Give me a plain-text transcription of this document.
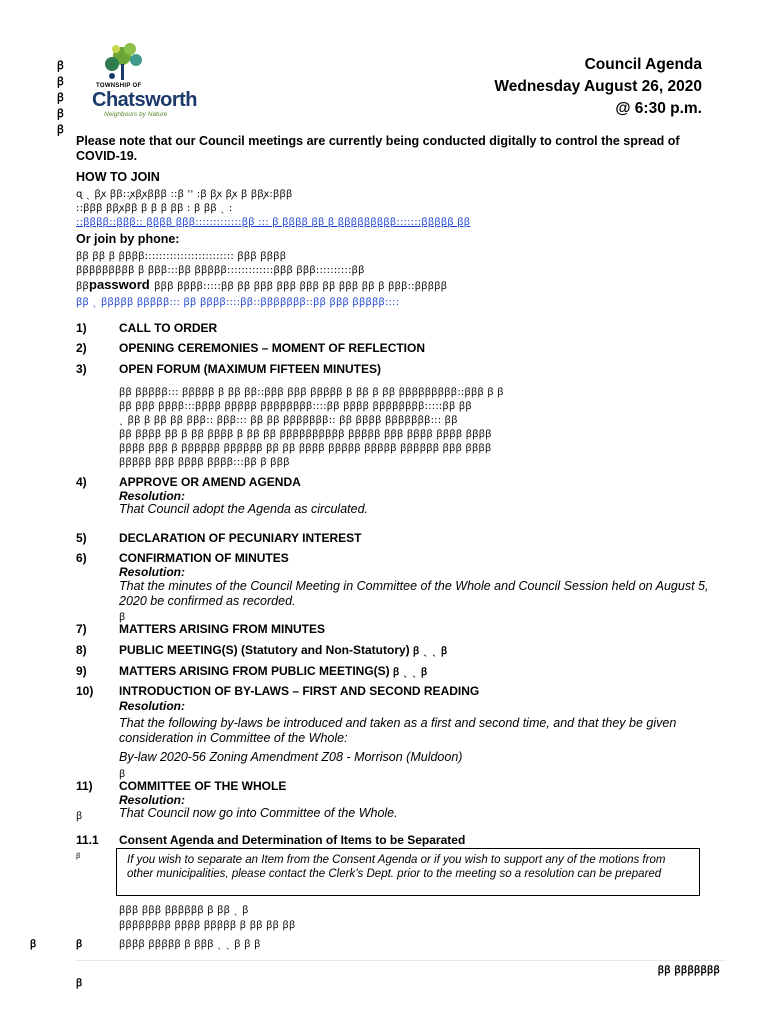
TOWNSHIP OF
Chatsworth
Neighbours by Nature
ꞵ
ꞵ
ꞵ
ꞵ
ꞵ
Council Agenda
Wednesday August 26, 2020
@ 6:30 p.m.
Please note that our Council meetings are currently being conducted digitally to control the spread of COVID-19.
HOW TO JOIN
ɋ ˎ ꞵꭗ ꞵꞵ꞉꞉ꭗꞵꭗꞵꞵꞵ ꞉꞉ꞵ ꞌꞌ ꞉ꞵ ꞵꭗ ꞵꭗ ꞵ ꞵꞵꭗ꞉ꞵꞵꞵ
꞉꞉ꞵꞵꞵ ꞵꞵꭗꞵꞵ ꞵ ꞵ ꞵ ꞵꞵ ꞉ ꞵ ꞵꞵ ˎ ꞉
꞉꞉ꞵꞵꞵꞵ꞉꞉ꞵꞵꞵ꞉꞉ ꞵꞵꞵꞵ ꞵꞵꞵ꞉꞉꞉꞉꞉꞉꞉꞉꞉꞉꞉꞉꞉ꞵꞵ ꞉꞉꞉ ꞵ ꞵꞵꞵꞵ ꞵꞵ ꞵ ꞵꞵꞵꞵꞵꞵꞵꞵꞵ꞉꞉꞉꞉꞉꞉꞉ꞵꞵꞵꞵꞵ ꞵꞵ
Or join by phone:
ꞵꞵ ꞵꞵ ꞵ ꞵꞵꞵꞵ꞉꞉꞉꞉꞉꞉꞉꞉꞉꞉꞉꞉꞉꞉꞉꞉꞉꞉꞉꞉꞉꞉꞉꞉꞉ ꞵꞵꞵ ꞵꞵꞵꞵ
ꞵꞵꞵꞵꞵꞵꞵꞵꞵ ꞵ ꞵꞵꞵ꞉꞉꞉ꞵꞵ ꞵꞵꞵꞵꞵ꞉꞉꞉꞉꞉꞉꞉꞉꞉꞉꞉꞉꞉ꞵꞵꞵ ꞵꞵꞵ꞉꞉꞉꞉꞉꞉꞉꞉꞉꞉ꞵꞵ
ꞵꞵpassword ꞵꞵꞵ ꞵꞵꞵꞵ꞉꞉꞉꞉꞉ꞵꞵ ꞵꞵ ꞵꞵꞵ ꞵꞵꞵ ꞵꞵꞵ ꞵꞵ ꞵꞵꞵ ꞵꞵ ꞵ ꞵꞵꞵ꞉꞉ꞵꞵꞵꞵꞵ
ꞵꞵ ˎ ꞵꞵꞵꞵꞵ ꞵꞵꞵꞵꞵ꞉꞉꞉ ꞵꞵ ꞵꞵꞵꞵ꞉꞉꞉꞉ꞵꞵ꞉꞉ꞵꞵꞵꞵꞵꞵꞵ꞉꞉ꞵꞵ ꞵꞵꞵ ꞵꞵꞵꞵꞵ꞉꞉꞉꞉
1)	CALL TO ORDER
2)	OPENING CEREMONIES – MOMENT OF REFLECTION
3)	OPEN FORUM (MAXIMUM FIFTEEN MINUTES)
ꞵꞵ ꞵꞵꞵꞵꞵ꞉꞉꞉ ꞵꞵꞵꞵꞵ ꞵ ꞵꞵ ꞵꞵ꞉꞉ꞵꞵꞵ ꞵꞵꞵ ꞵꞵꞵꞵꞵ ꞵ ꞵꞵ ꞵ ꞵꞵ ꞵꞵꞵꞵꞵꞵꞵꞵꞵ꞉꞉ꞵꞵꞵ ꞵ ꞵ
ꞵꞵ ꞵꞵꞵ ꞵꞵꞵꞵ꞉꞉꞉ꞵꞵꞵꞵ ꞵꞵꞵꞵꞵ ꞵꞵꞵꞵꞵꞵꞵꞵ꞉꞉꞉꞉ꞵꞵ ꞵꞵꞵꞵ ꞵꞵꞵꞵꞵꞵꞵꞵ꞉꞉꞉꞉꞉ꞵꞵ ꞵꞵ
ˎ ꞵꞵ ꞵ ꞵꞵ ꞵꞵ ꞵꞵꞵ꞉꞉ ꞵꞵꞵ꞉꞉꞉ ꞵꞵ ꞵꞵ ꞵꞵꞵꞵꞵꞵꞵ꞉꞉ ꞵꞵ ꞵꞵꞵꞵ ꞵꞵꞵꞵꞵꞵꞵ꞉꞉꞉ ꞵꞵ
ꞵꞵ ꞵꞵꞵꞵ ꞵꞵ ꞵ ꞵꞵ ꞵꞵꞵꞵ ꞵ ꞵꞵ ꞵꞵ ꞵꞵꞵꞵꞵꞵꞵꞵꞵꞵ ꞵꞵꞵꞵꞵ ꞵꞵꞵ ꞵꞵꞵꞵ ꞵꞵꞵꞵ ꞵꞵꞵꞵ
ꞵꞵꞵꞵ ꞵꞵꞵ ꞵ ꞵꞵꞵꞵꞵꞵ ꞵꞵꞵꞵꞵꞵ ꞵꞵ ꞵꞵ ꞵꞵꞵꞵ ꞵꞵꞵꞵꞵ ꞵꞵꞵꞵꞵ ꞵꞵꞵꞵꞵꞵ ꞵꞵꞵ ꞵꞵꞵꞵ
ꞵꞵꞵꞵꞵ ꞵꞵꞵ ꞵꞵꞵꞵ ꞵꞵꞵꞵ꞉꞉꞉ꞵꞵ ꞵ ꞵꞵꞵ
4)	APPROVE OR AMEND AGENDA
Resolution:
That Council adopt the Agenda as circulated.
5)	DECLARATION OF PECUNIARY INTEREST
6)	CONFIRMATION OF MINUTES
Resolution:
That the minutes of the Council Meeting in Committee of the Whole and Council Session held on August 5, 2020 be confirmed as recorded.
ꞵ
7)	MATTERS ARISING FROM MINUTES
8)	PUBLIC MEETING(S) (Statutory and Non-Statutory) ꞵ ˎ ˎ ꞵ
9)	MATTERS ARISING FROM PUBLIC MEETING(S) ꞵ ˎ ˎ ꞵ
10) INTRODUCTION OF BY-LAWS – FIRST AND SECOND READING
Resolution:
That the following by-laws be introduced and taken as a first and second time, and that they be given consideration in Committee of the Whole:
By-law 2020-56 Zoning Amendment Z08 - Morrison (Muldoon)
ꞵ
11) COMMITTEE OF THE WHOLE
Resolution:
That Council now go into Committee of the Whole.
ꞵ
11.1 Consent Agenda and Determination of Items to be Separated
ꞵ	If you wish to separate an Item from the Consent Agenda or if you wish to support any of the motions from other municipalities, please contact the Clerk’s Dept. prior to the meeting so a resolution can be prepared

ꞵꞵꞵ ꞵꞵꞵ ꞵꞵꞵꞵꞵꞵ ꞵ ꞵꞵ ˎ ꞵ
ꞵꞵꞵꞵꞵꞵꞵꞵ ꞵꞵꞵꞵ ꞵꞵꞵꞵꞵ ꞵ ꞵꞵ ꞵꞵ ꞵꞵ
ꞵ	ꞵ	ꞵꞵꞵꞵ ꞵꞵꞵꞵꞵ ꞵ ꞵꞵꞵ ˎ ˎ ꞵ ꞵ ꞵ
ꞵꞵ ꞵꞵꞵꞵꞵꞵꞵ
ꞵ
